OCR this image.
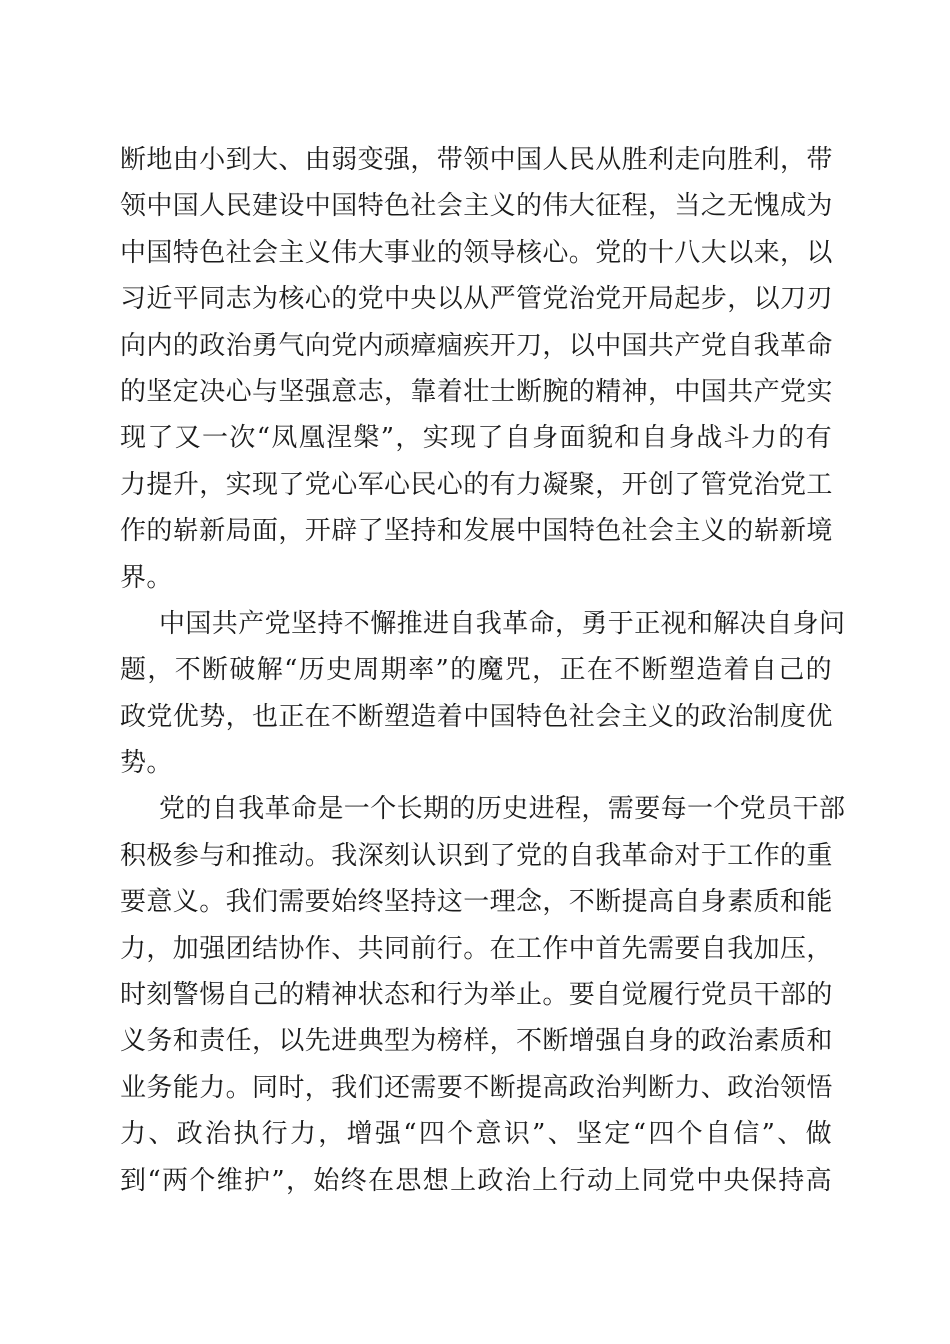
断地由小到大、由弱变强，带领中国人民从胜利走向胜利，带
领中国人民建设中国特色社会主义的伟大征程，当之无愧成为
中国特色社会主义伟大事业的领导核心。党的十八大以来，以
习近平同志为核心的党中央以从严管党治党开局起步，以刀刃
向内的政治勇气向党内顽瘴痼疾开刀，以中国共产党自我革命
的坚定决心与坚强意志，靠着壮士断腕的精神，中国共产党实
现了又一次“凤凰涅槃”，实现了自身面貌和自身战斗力的有
力提升，实现了党心军心民心的有力凝聚，开创了管党治党工
作的崭新局面，开辟了坚持和发展中国特色社会主义的崭新境
界。
中国共产党坚持不懈推进自我革命，勇于正视和解决自身问
题，不断破解“历史周期率”的魔咒，正在不断塑造着自己的
政党优势，也正在不断塑造着中国特色社会主义的政治制度优
势。
党的自我革命是一个长期的历史进程，需要每一个党员干部
积极参与和推动。我深刻认识到了党的自我革命对于工作的重
要意义。我们需要始终坚持这一理念，不断提高自身素质和能
力，加强团结协作、共同前行。在工作中首先需要自我加压，
时刻警惕自己的精神状态和行为举止。要自觉履行党员干部的
义务和责任，以先进典型为榜样，不断增强自身的政治素质和
业务能力。同时，我们还需要不断提高政治判断力、政治领悟
力、政治执行力，增强“四个意识”、坚定“四个自信”、做
到“两个维护”，始终在思想上政治上行动上同党中央保持高
